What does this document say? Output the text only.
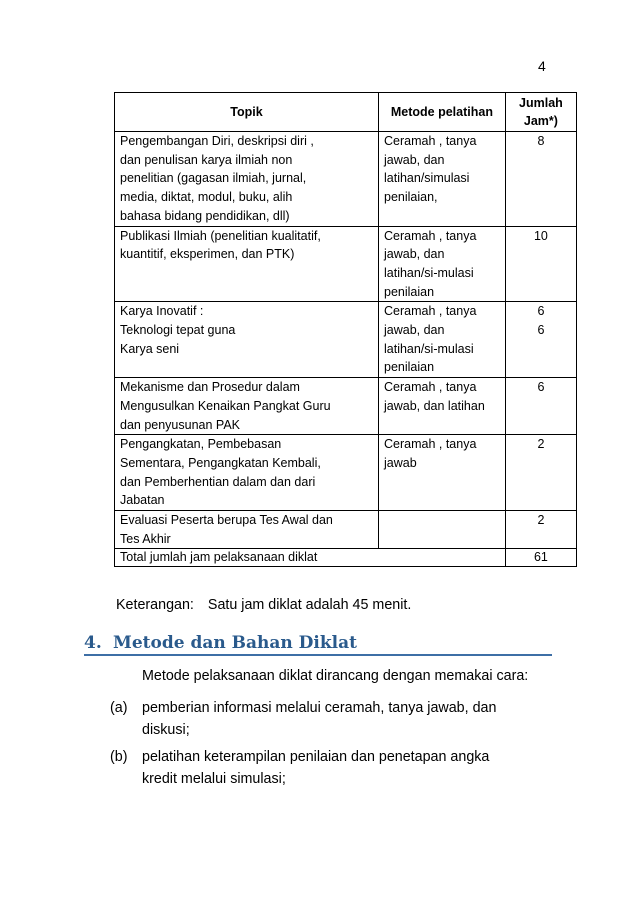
4
Topik	Metode pelatihan	Jumlah
Jam*)
Pengembangan Diri, deskripsi diri ,
dan penulisan karya ilmiah non
penelitian (gagasan ilmiah, jurnal,
media, diktat, modul, buku, alih
bahasa bidang pendidikan, dll)	Ceramah , tanya
jawab, dan
latihan/simulasi
penilaian,	8
Publikasi Ilmiah (penelitian kualitatif,
kuantitif, eksperimen, dan PTK)	Ceramah , tanya
jawab, dan
latihan/si-mulasi
penilaian	10
Karya Inovatif :
Teknologi tepat guna
Karya seni	Ceramah , tanya
jawab, dan
latihan/si-mulasi
penilaian	6
6

Mekanisme dan Prosedur dalam
Mengusulkan Kenaikan Pangkat Guru
dan penyusunan PAK	Ceramah , tanya
jawab, dan latihan	6
Pengangkatan, Pembebasan
Sementara, Pengangkatan Kembali,
dan Pemberhentian dalam dan dari
Jabatan	Ceramah , tanya
jawab	2
Evaluasi Peserta berupa Tes Awal dan
Tes Akhir		2
Total jumlah jam pelaksanaan diklat		61
Keterangan: Satu jam diklat adalah 45 menit.
4. Metode dan Bahan Diklat
Metode pelaksanaan diklat dirancang dengan memakai cara:
(a)	pemberian informasi melalui ceramah, tanya jawab, dan
diskusi;
(b)	pelatihan keterampilan penilaian dan penetapan angka
kredit melalui simulasi;
